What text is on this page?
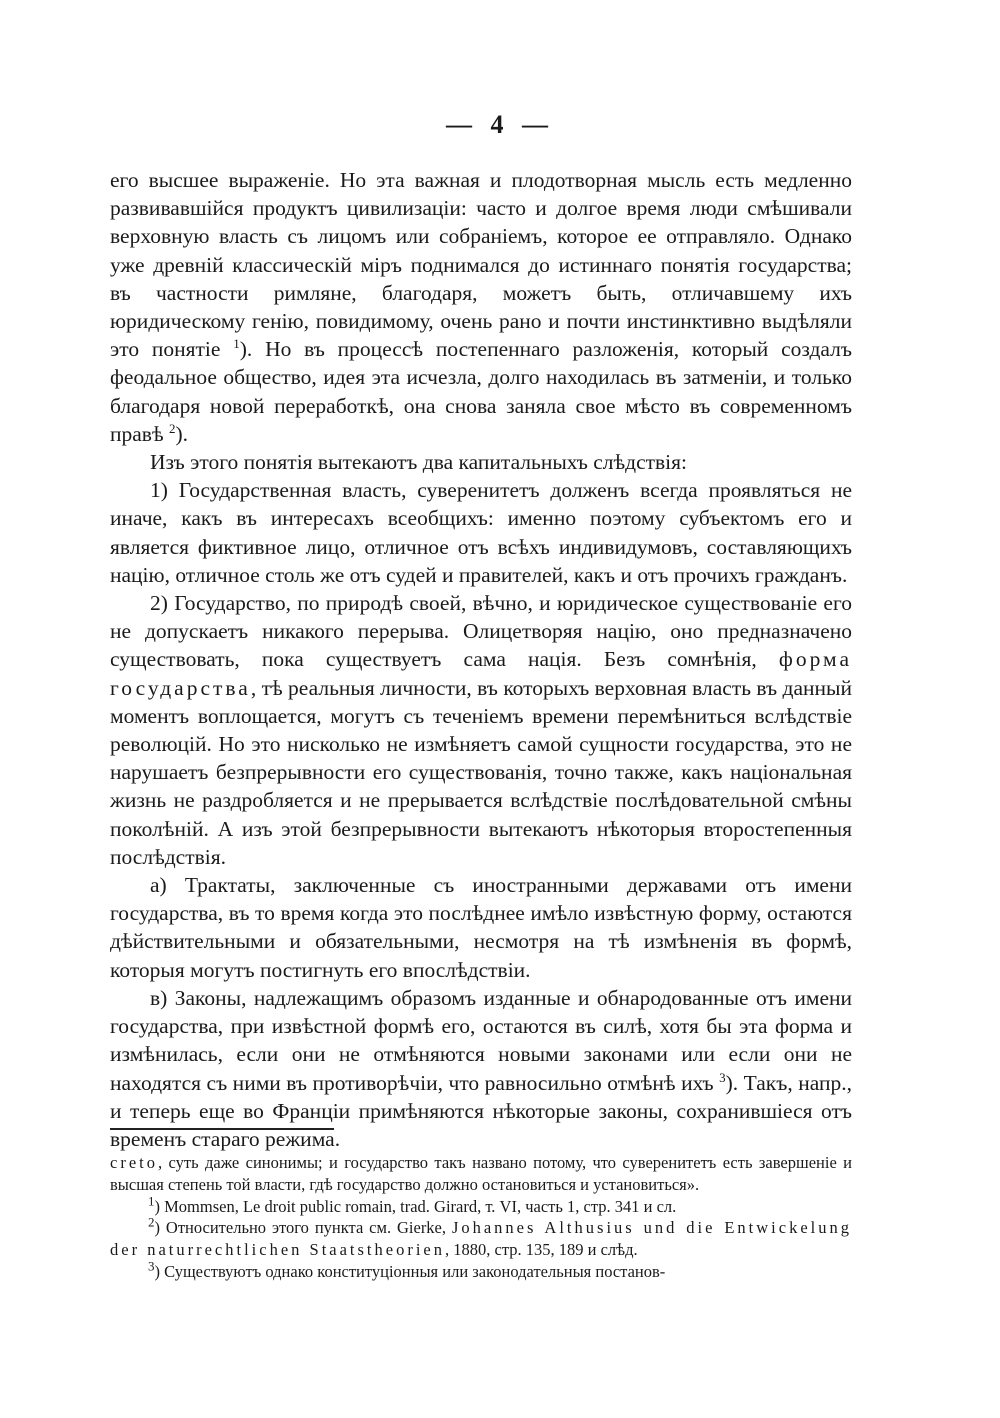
— 4 —

его высшее выраженіе. Но эта важная и плодотворная мысль есть медленно развивавшійся продуктъ цивилизаціи: часто и долгое время люди смѣшивали верховную власть съ лицомъ или собраніемъ, которое ее отправляло. Однако уже древній классическій міръ поднимался до истиннаго понятія государства; въ частности римляне, благодаря, можетъ быть, отличавшему ихъ юридическому генію, повидимому, очень рано и почти инстинктивно выдѣляли это понятіе $^1$). Но въ процессѣ постепеннаго разложенія, который создалъ феодальное общество, идея эта исчезла, долго находилась въ затменіи, и только благодаря новой переработкѣ, она снова заняла свое мѣсто въ современномъ правѣ $^2$).

Изъ этого понятія вытекаютъ два капитальныхъ слѣдствія:

1) Государственная власть, суверенитетъ долженъ всегда проявляться не иначе, какъ въ интересахъ всеобщихъ: именно поэтому субъектомъ его и является фиктивное лицо, отличное отъ всѣхъ индивидумовъ, составляющихъ націю, отличное столь же отъ судей и правителей, какъ и отъ прочихъ гражданъ.

2) Государство, по природѣ своей, вѣчно, и юридическое существованіе его не допускаетъ никакого перерыва. Олицетворяя націю, оно предназначено существовать, пока существуетъ сама нація. Безъ сомнѣнія, форма государства, тѣ реальныя личности, въ которыхъ верховная власть въ данный моментъ воплощается, могутъ съ теченіемъ времени перемѣниться вслѣдствіе революцій. Но это нисколько не измѣняетъ самой сущности государства, это не нарушаетъ безпрерывности его существованія, точно также, какъ національная жизнь не раздробляется и не прерывается вслѣдствіе послѣдовательной смѣны поколѣній. А изъ этой безпрерывности вытекаютъ нѣкоторыя второстепенныя послѣдствія.

а) Трактаты, заключенные съ иностранными державами отъ имени государства, въ то время когда это послѣднее имѣло извѣстную форму, остаются дѣйствительными и обязательными, несмотря на тѣ измѣненія въ формѣ, которыя могутъ постигнуть его впослѣдствіи.

в) Законы, надлежащимъ образомъ изданные и обнародованные отъ имени государства, при извѣстной формѣ его, остаются въ силѣ, хотя бы эта форма и измѣнилась, если они не отмѣняются новыми законами или если они не находятся съ ними въ противорѣчіи, что равносильно отмѣнѣ ихъ $^3$). Такъ, напр., и теперь еще во Франціи примѣняются нѣкоторые законы, сохранившіеся отъ временъ стараго режима.

creto, суть даже синонимы; и государство такъ названо потому, что суверенитетъ есть завершеніе и высшая степень той власти, гдѣ государство должно остановиться и установиться».

$^1$) Mommsen, Le droit public romain, trad. Girard, т. VI, часть 1, стр. 341 и сл.

$^2$) Относительно этого пункта см. Gierke, Johannes Althusius und die Entwickelung der naturrechtlichen Staatstheorien, 1880, стр. 135, 189 и слѣд.

$^3$) Существуютъ однако конституціонныя или законодательныя постанов-
